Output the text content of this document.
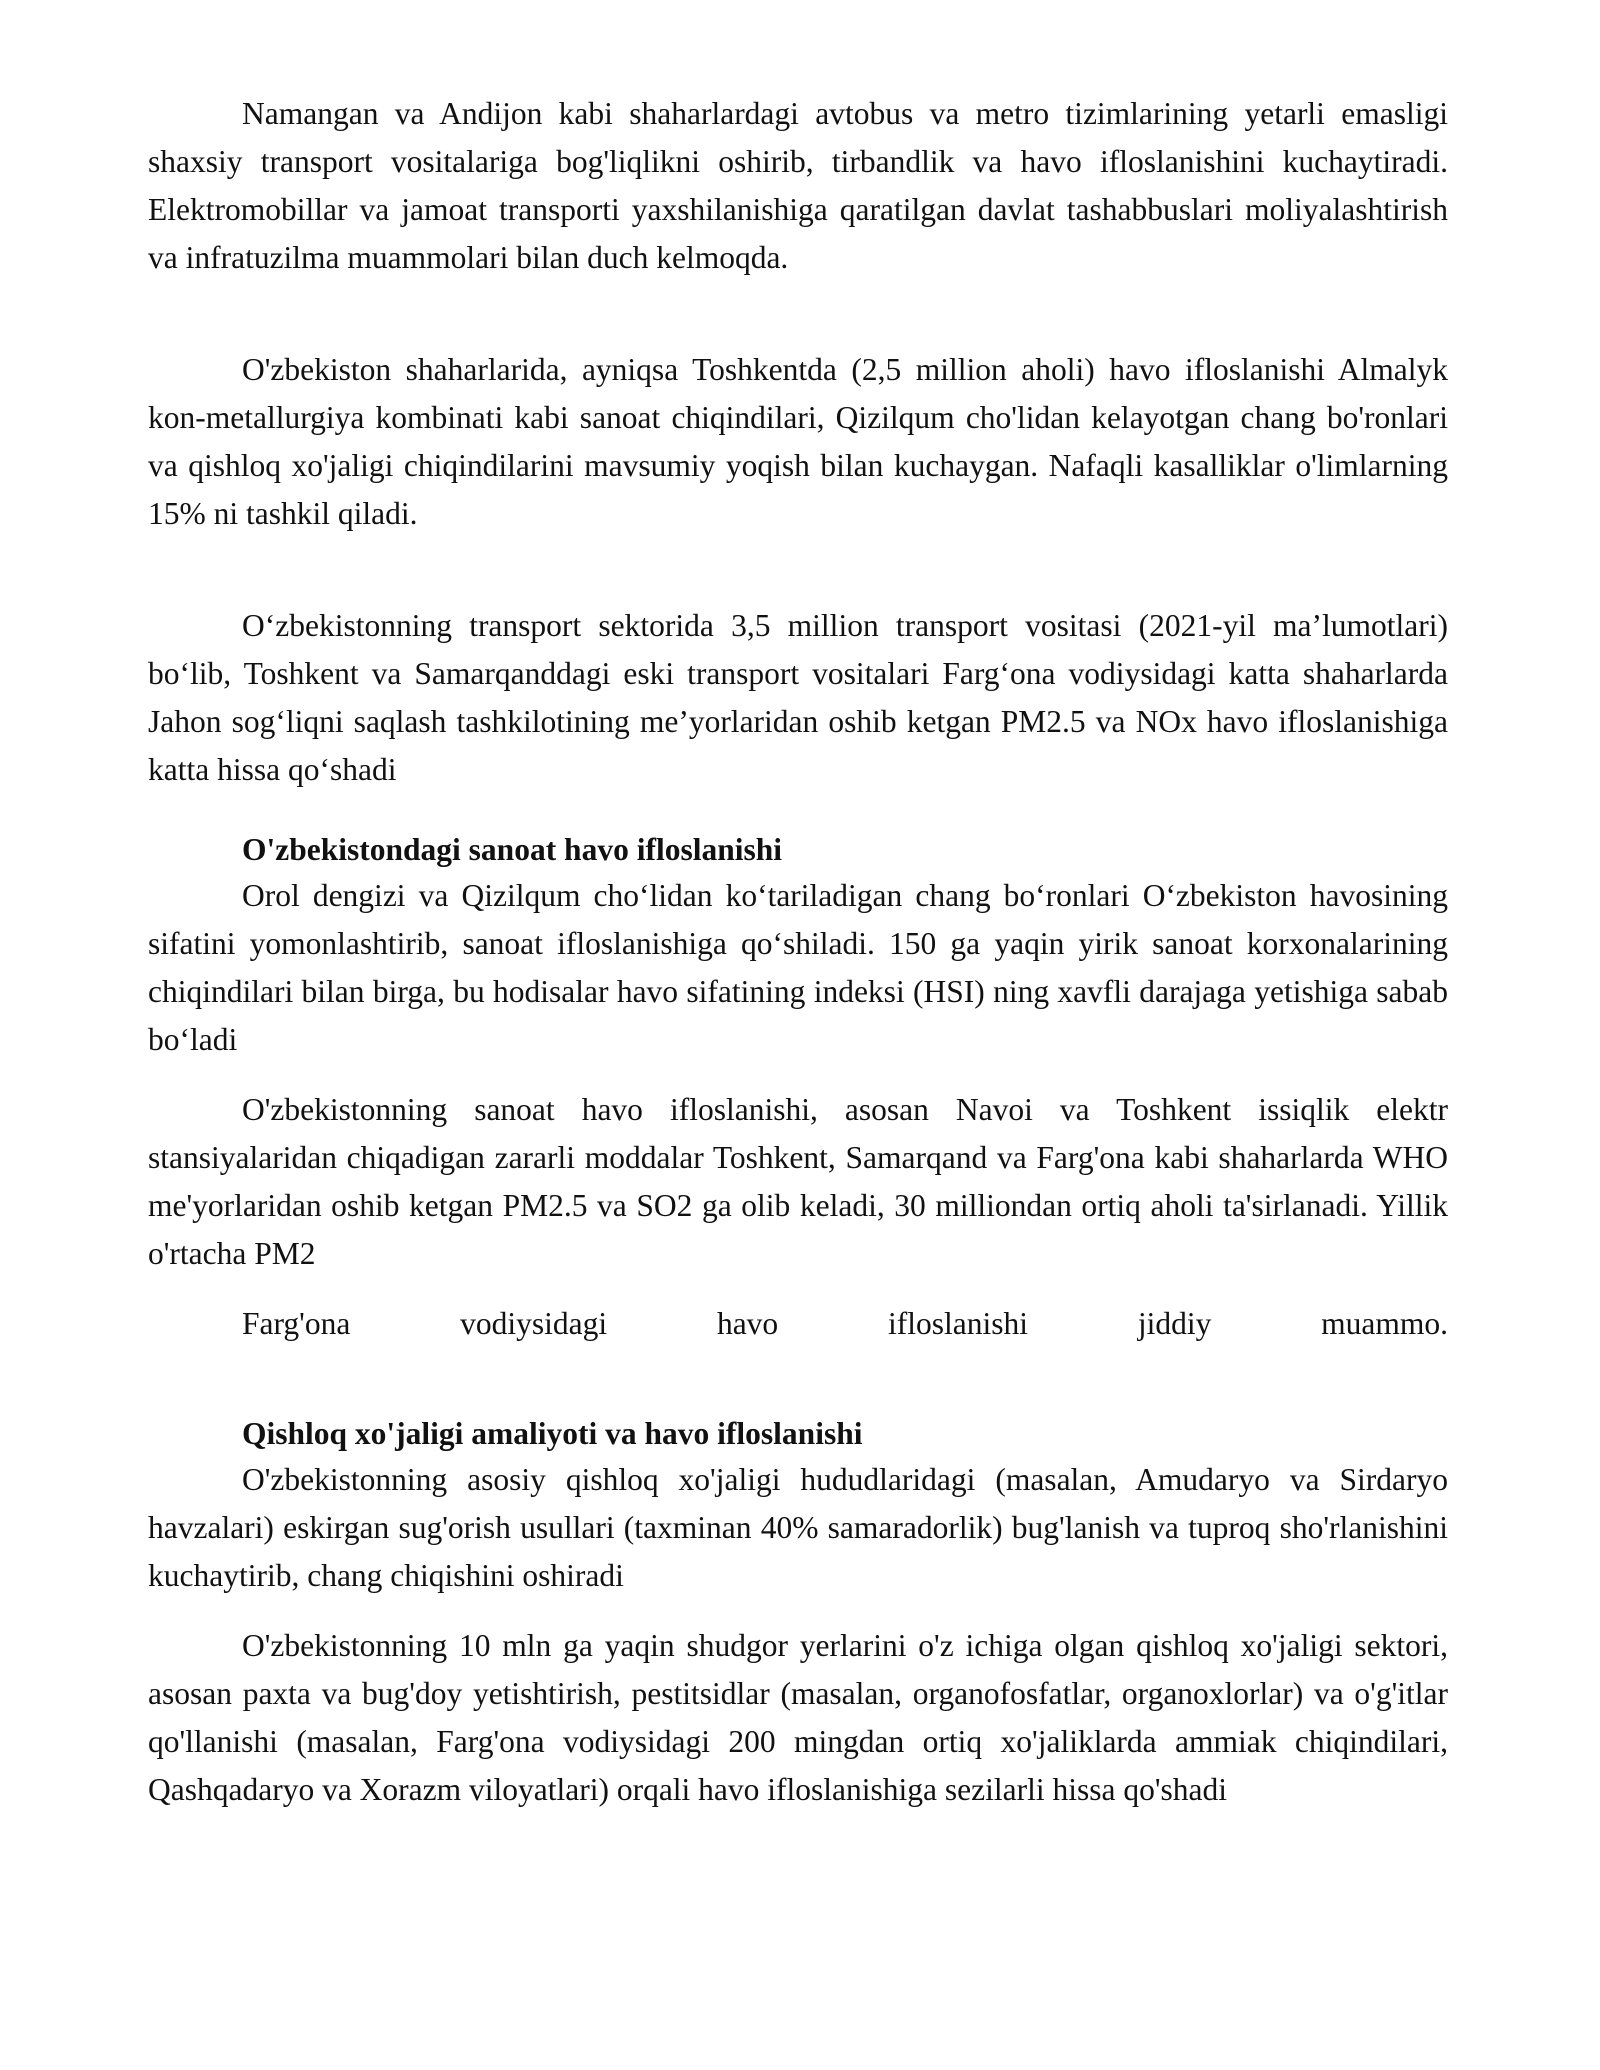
Namangan va Andijon kabi shaharlardagi avtobus va metro tizimlarining yetarli emasligi shaxsiy transport vositalariga bog'liqlikni oshirib, tirbandlik va havo ifloslanishini kuchaytiradi. Elektromobillar va jamoat transporti yaxshilanishiga qaratilgan davlat tashabbuslari moliyalashtirish va infratuzilma muammolari bilan duch kelmoqda.

O'zbekiston shaharlarida, ayniqsa Toshkentda (2,5 million aholi) havo ifloslanishi Almalyk kon-metallurgiya kombinati kabi sanoat chiqindilari, Qizilqum cho'lidan kelayotgan chang bo'ronlari va qishloq xo'jaligi chiqindilarini mavsumiy yoqish bilan kuchaygan. Nafaqli kasalliklar o'limlarning 15% ni tashkil qiladi.

O‘zbekistonning transport sektorida 3,5 million transport vositasi (2021-yil ma’lumotlari) bo‘lib, Toshkent va Samarqanddagi eski transport vositalari Farg‘ona vodiysidagi katta shaharlarda Jahon sog‘liqni saqlash tashkilotining me’yorlaridan oshib ketgan PM2.5 va NOx havo ifloslanishiga katta hissa qo‘shadi

O'zbekistondagi sanoat havo ifloslanishi

Orol dengizi va Qizilqum cho‘lidan ko‘tariladigan chang bo‘ronlari O‘zbekiston havosining sifatini yomonlashtirib, sanoat ifloslanishiga qo‘shiladi. 150 ga yaqin yirik sanoat korxonalarining chiqindilari bilan birga, bu hodisalar havo sifatining indeksi (HSI) ning xavfli darajaga yetishiga sabab bo‘ladi

O'zbekistonning sanoat havo ifloslanishi, asosan Navoi va Toshkent issiqlik elektr stansiyalaridan chiqadigan zararli moddalar Toshkent, Samarqand va Farg'ona kabi shaharlarda WHO me'yorlaridan oshib ketgan PM2.5 va SO2 ga olib keladi, 30 milliondan ortiq aholi ta'sirlanadi. Yillik o'rtacha PM2

Farg'ona vodiysidagi havo ifloslanishi jiddiy muammo.

Qishloq xo'jaligi amaliyoti va havo ifloslanishi

O'zbekistonning asosiy qishloq xo'jaligi hududlaridagi (masalan, Amudaryo va Sirdaryo havzalari) eskirgan sug'orish usullari (taxminan 40% samaradorlik) bug'lanish va tuproq sho'rlanishini kuchaytirib, chang chiqishini oshiradi

O'zbekistonning 10 mln ga yaqin shudgor yerlarini o'z ichiga olgan qishloq xo'jaligi sektori, asosan paxta va bug'doy yetishtirish, pestitsidlar (masalan, organofosfatlar, organoxlorlar) va o'g'itlar qo'llanishi (masalan, Farg'ona vodiysidagi 200 mingdan ortiq xo'jaliklarda ammiak chiqindilari, Qashqadaryo va Xorazm viloyatlari) orqali havo ifloslanishiga sezilarli hissa qo'shadi
